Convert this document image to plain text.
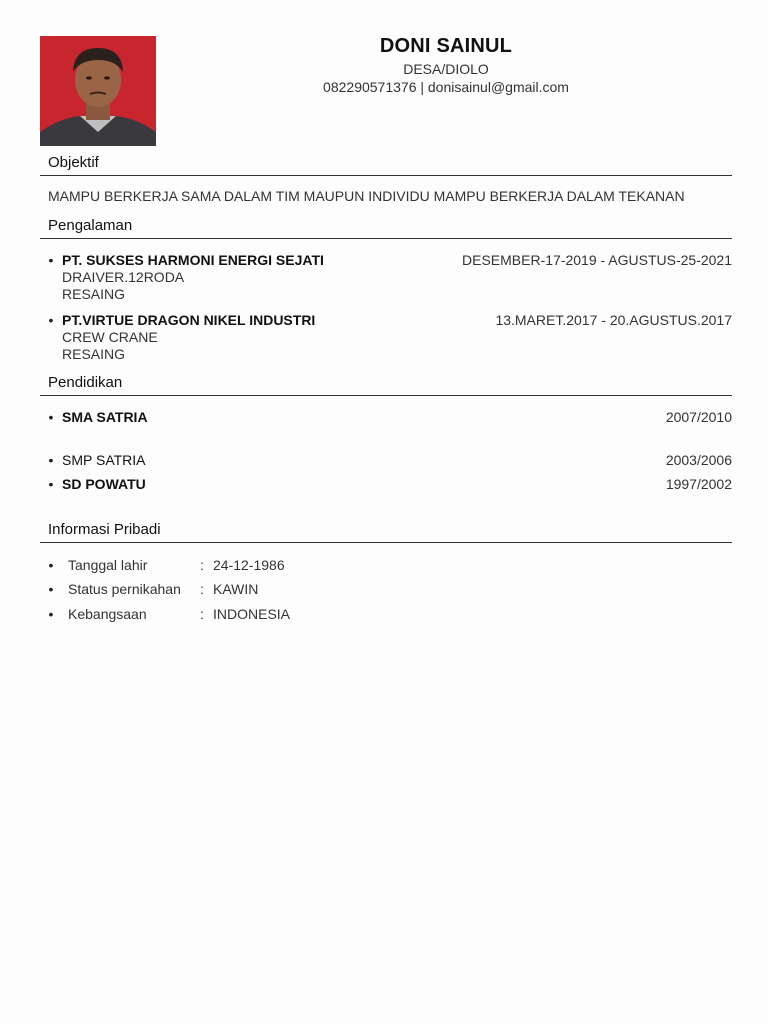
DONI SAINUL
DESA/DIOLO
082290571376 | donisainul@gmail.com
Objektif
MAMPU BERKERJA SAMA DALAM TIM MAUPUN INDIVIDU MAMPU BERKERJA DALAM TEKANAN
Pengalaman
• PT. SUKSES HARMONI ENERGI SEJATI	DESEMBER-17-2019 - AGUSTUS-25-2021
DRAIVER.12RODA
RESAING
• PT.VIRTUE DRAGON NIKEL INDUSTRI	13.MARET.2017 - 20.AGUSTUS.2017
CREW CRANE
RESAING
Pendidikan
• SMA SATRIA	2007/2010
• SMP SATRIA	2003/2006
• SD POWATU	1997/2002
Informasi Pribadi
•	Tanggal lahir	: 24-12-1986
•	Status pernikahan : KAWIN
•	Kebangsaan	: INDONESIA
